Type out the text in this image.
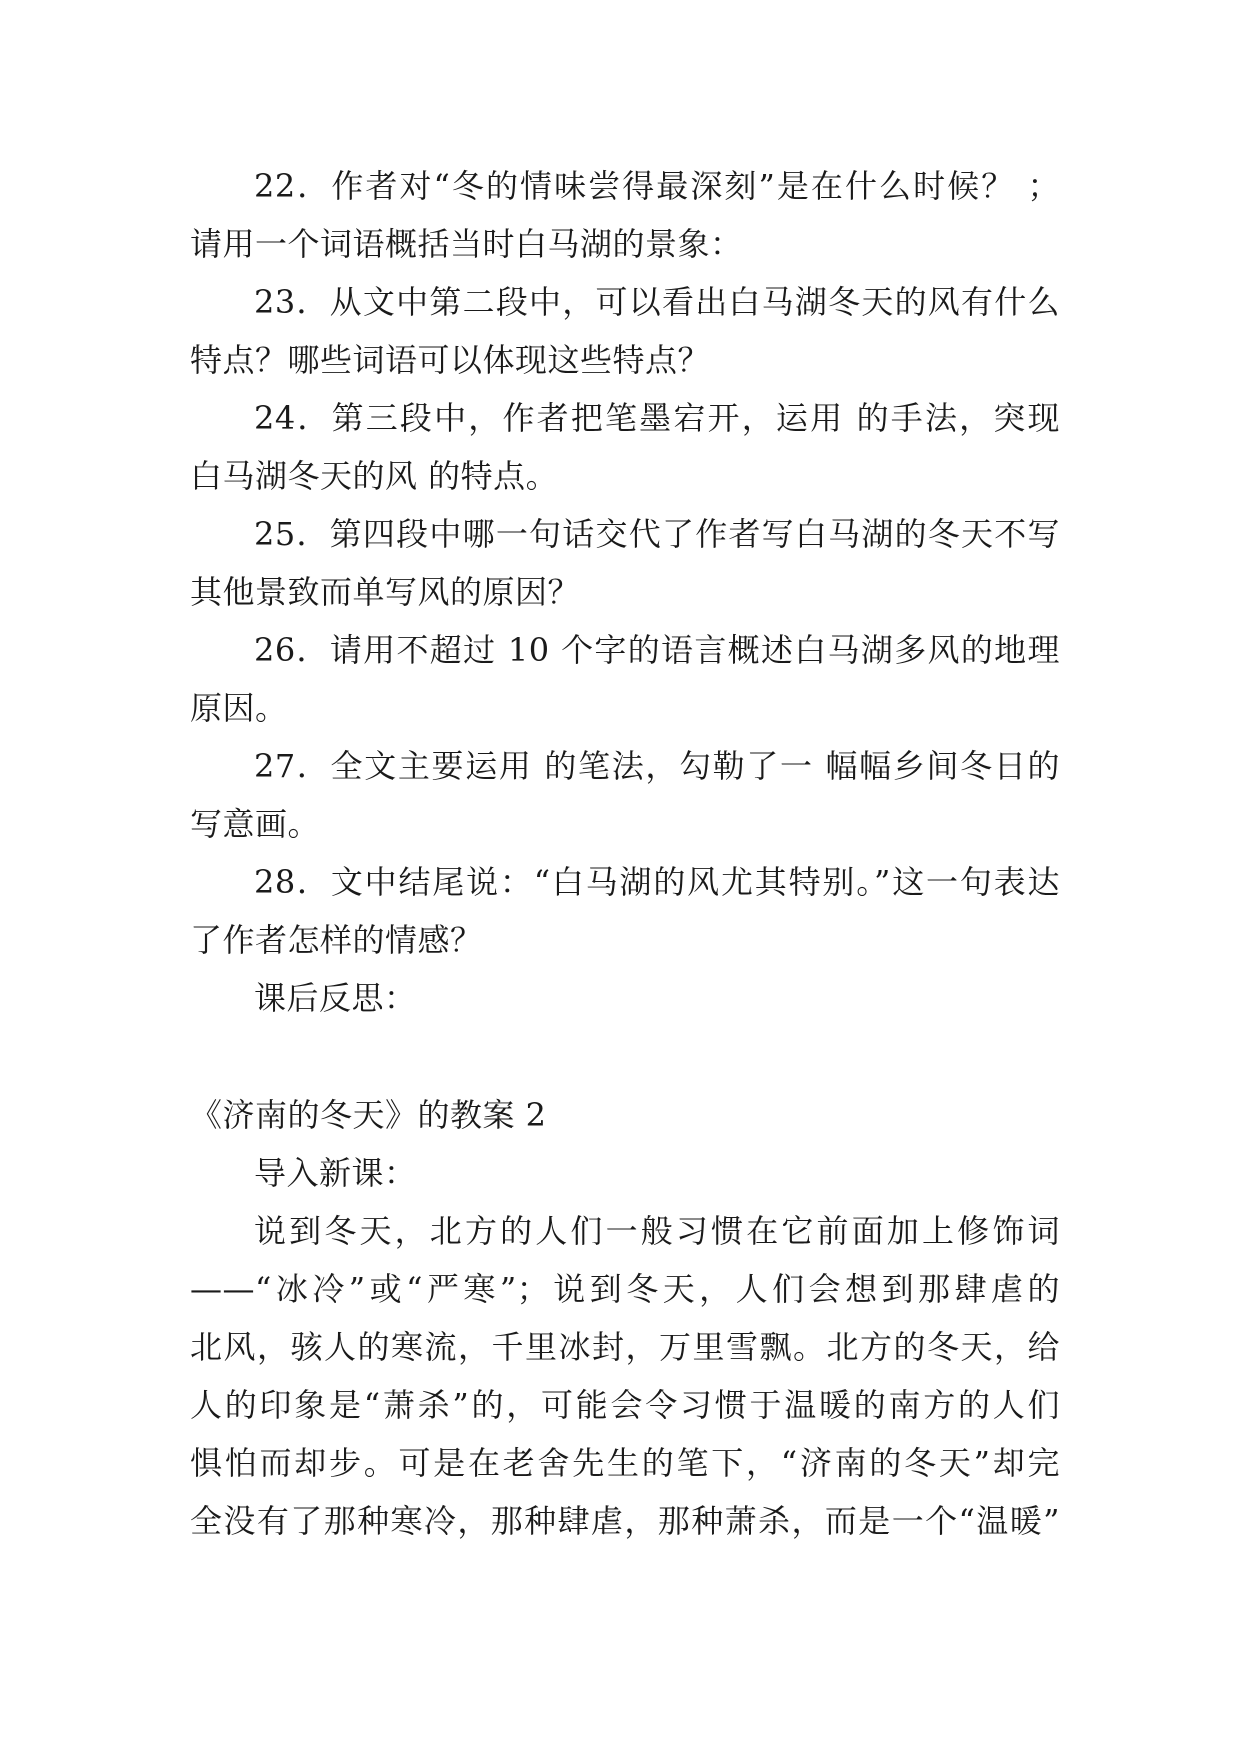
22．作者对“冬的情味尝得最深刻”是在什么时候？ ；
请用一个词语概括当时白马湖的景象：
23．从文中第二段中，可以看出白马湖冬天的风有什么
特点？哪些词语可以体现这些特点？
24．第三段中，作者把笔墨宕开，运用 的手法，突现
白马湖冬天的风 的特点。
25．第四段中哪一句话交代了作者写白马湖的冬天不写
其他景致而单写风的原因？
26．请用不超过 10 个字的语言概述白马湖多风的地理
原因。
27．全文主要运用 的笔法，勾勒了一 幅幅乡间冬日的
写意画。
28．文中结尾说：“白马湖的风尤其特别。”这一句表达
了作者怎样的情感？
课后反思：
《济南的冬天》的教案 2
导入新课：
说到冬天，北方的人们一般习惯在它前面加上修饰词
——“冰冷”或“严寒”；说到冬天，人们会想到那肆虐的
北风，骇人的寒流，千里冰封，万里雪飘。北方的冬天，给
人的印象是“萧杀”的，可能会令习惯于温暖的南方的人们
惧怕而却步。可是在老舍先生的笔下，“济南的冬天”却完
全没有了那种寒冷，那种肆虐，那种萧杀，而是一个“温暖”
